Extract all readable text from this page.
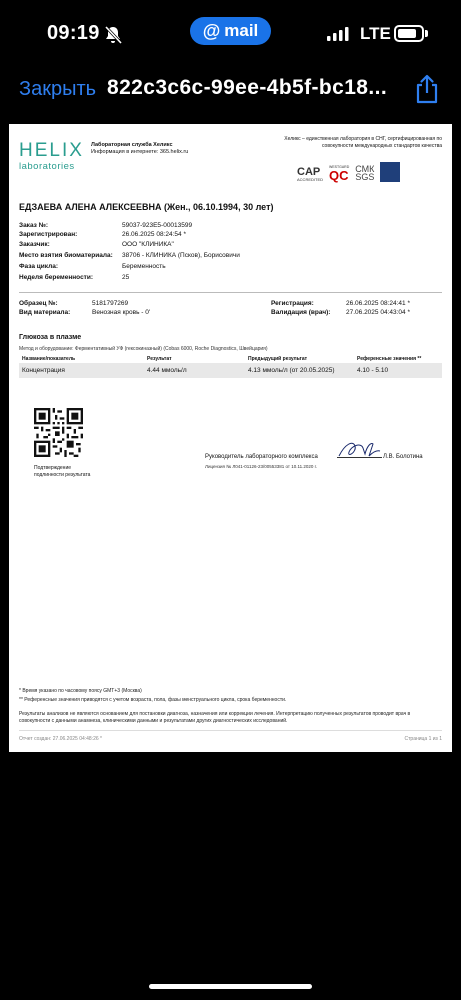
09:19	@ mail	LTE
Закрыть 822c3c6c-99ee-4b5f-bc18...
HELIX
laboratories
Лабораторная служба Хеликс
Информация в интернете: 365.helix.ru
Хеликс – единственная лаборатория в СНГ, сертифицированная по совокупности международных стандартов качества
CAP
ACCREDITED
WESTGARD
QC СМК
SGS
ЕДЗАЕВА АЛЕНА АЛЕКСЕЕВНА (Жен., 06.10.1994, 30 лет)
Заказ №:	59037-923E5-00013599
Зарегистрирован:	26.06.2025 08:24:54 *
Заказчик:	ООО "КЛИНИКА"
Место взятия биоматериала: 38706 - КЛИНИКА (Псков), Борисовичи
Фаза цикла:	Беременность
Неделя беременности:	25
Образец №:	5181797269
Вид материала:	Венозная кровь - 0'
Регистрация:	26.06.2025 08:24:41 *
Валидация (врач): 27.06.2025 04:43:04 *
Глюкоза в плазме
Метод и оборудование: Ферментативный УФ (гексокиназный) (Cobas 6000, Roche Diagnostics, Швейцария)
Название/показатель	Результат	Предыдущий результат	Референсные значения **
Концентрация	4.44 ммоль/л	4.13 ммоль/л (от 20.05.2025)	4.10 - 5.10
Подтверждение
подлинности результата
Руководитель лабораторного комплекса	Л.В. Болотина
Лицензия № Л041-01126-23/00553381 от 10.11.2020 г.
* Время указано по часовому поясу GMT+3 (Москва)
** Референсные значения приводятся с учетом возраста, пола, фазы менструального цикла, срока беременности.
Результаты анализов не являются основанием для постановки диагноза, назначения или коррекции лечения. Интерпретацию полученных результатов проводит врач в совокупности с данными анамнеза, клиническими данными и результатами других диагностических исследований.
Отчет создан: 27.06.2025 04:48:26 *	Страница 1 из 1
